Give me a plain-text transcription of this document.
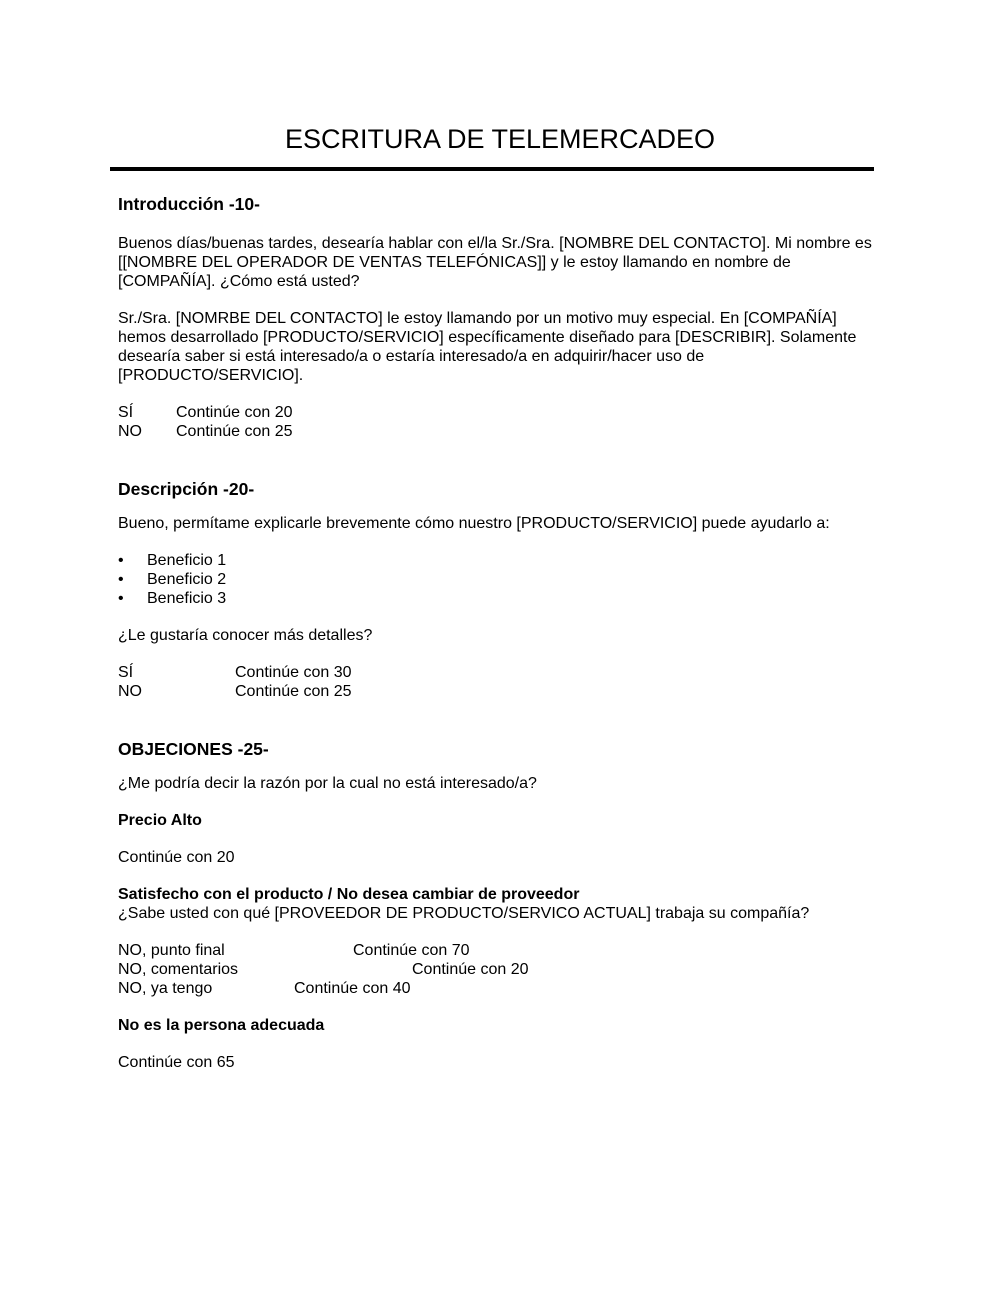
ESCRITURA DE TELEMERCADEO
Introducción -10-

Buenos días/buenas tardes, desearía hablar con el/la Sr./Sra. [NOMBRE DEL CONTACTO]. Mi nombre es [[NOMBRE DEL OPERADOR DE VENTAS TELEFÓNICAS]] y le estoy llamando en nombre de [COMPAÑÍA]. ¿Cómo está usted?

Sr./Sra. [NOMRBE DEL CONTACTO] le estoy llamando por un motivo muy especial. En [COMPAÑÍA] hemos desarrollado [PRODUCTO/SERVICIO] específicamente diseñado para [DESCRIBIR]. Solamente desearía saber si está interesado/a o estaría interesado/a en adquirir/hacer uso de [PRODUCTO/SERVICIO].

SÍ	Continúe con 20
NO	Continúe con 25
Descripción -20-

Bueno, permítame explicarle brevemente cómo nuestro [PRODUCTO/SERVICIO] puede ayudarlo a:

• Beneficio 1
• Beneficio 2
• Beneficio 3

¿Le gustaría conocer más detalles?

SÍ	Continúe con 30
NO	Continúe con 25
OBJECIONES -25-

¿Me podría decir la razón por la cual no está interesado/a?

Precio Alto

Continúe con 20

Satisfecho con el producto / No desea cambiar de proveedor

¿Sabe usted con qué [PROVEEDOR DE PRODUCTO/SERVICO ACTUAL] trabaja su compañía?

NO, punto final	Continúe con 70
NO, comentarios	Continúe con 20
NO, ya tengo	Continúe con 40

No es la persona adecuada

Continúe con 65
